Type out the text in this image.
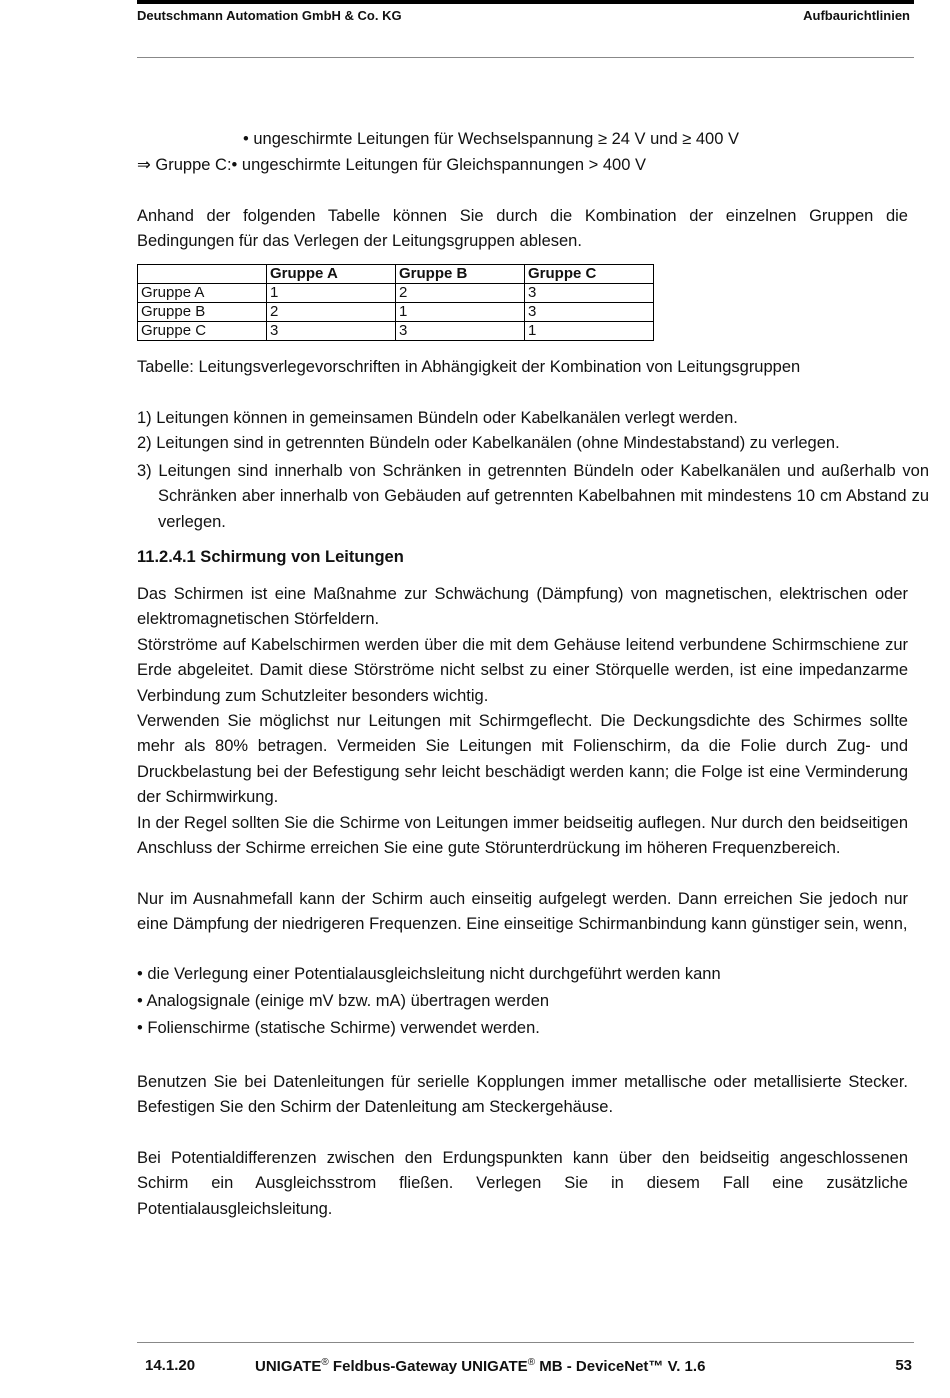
Deutschmann Automation GmbH & Co. KG	Aufbaurichtlinien
• ungeschirmte Leitungen für Wechselspannung ≥ 24 V und ≥ 400 V
⇒ Gruppe C:• ungeschirmte Leitungen für Gleichspannungen > 400 V
Anhand der folgenden Tabelle können Sie durch die Kombination der einzelnen Gruppen die Bedingungen für das Verlegen der Leitungsgruppen ablesen.
	Gruppe A	Gruppe B	Gruppe C
Gruppe A	1	2	3
Gruppe B	2	1	3
Gruppe C	3	3	1
Tabelle: Leitungsverlegevorschriften in Abhängigkeit der Kombination von Leitungsgruppen
1) Leitungen können in gemeinsamen Bündeln oder Kabelkanälen verlegt werden.
2) Leitungen sind in getrennten Bündeln oder Kabelkanälen (ohne Mindestabstand) zu verlegen.
3) Leitungen sind innerhalb von Schränken in getrennten Bündeln oder Kabelkanälen und außerhalb von Schränken aber innerhalb von Gebäuden auf getrennten Kabelbahnen mit mindestens 10 cm Abstand zu verlegen.
11.2.4.1 Schirmung von Leitungen
Das Schirmen ist eine Maßnahme zur Schwächung (Dämpfung) von magnetischen, elektrischen oder elektromagnetischen Störfeldern.
Störströme auf Kabelschirmen werden über die mit dem Gehäuse leitend verbundene Schirmschiene zur Erde abgeleitet. Damit diese Störströme nicht selbst zu einer Störquelle werden, ist eine impedanzarme Verbindung zum Schutzleiter besonders wichtig.
Verwenden Sie möglichst nur Leitungen mit Schirmgeflecht. Die Deckungsdichte des Schirmes sollte mehr als 80% betragen. Vermeiden Sie Leitungen mit Folienschirm, da die Folie durch Zug- und Druckbelastung bei der Befestigung sehr leicht beschädigt werden kann; die Folge ist eine Verminderung der Schirmwirkung.
In der Regel sollten Sie die Schirme von Leitungen immer beidseitig auflegen. Nur durch den beidseitigen Anschluss der Schirme erreichen Sie eine gute Störunterdrückung im höheren Frequenzbereich.
Nur im Ausnahmefall kann der Schirm auch einseitig aufgelegt werden. Dann erreichen Sie jedoch nur eine Dämpfung der niedrigeren Frequenzen. Eine einseitige Schirmanbindung kann günstiger sein, wenn,
• die Verlegung einer Potentialausgleichsleitung nicht durchgeführt werden kann
• Analogsignale (einige mV bzw. mA) übertragen werden
• Folienschirme (statische Schirme) verwendet werden.
Benutzen Sie bei Datenleitungen für serielle Kopplungen immer metallische oder metallisierte Stecker. Befestigen Sie den Schirm der Datenleitung am Steckergehäuse.
Bei Potentialdifferenzen zwischen den Erdungspunkten kann über den beidseitig angeschlossenen Schirm ein Ausgleichsstrom fließen. Verlegen Sie in diesem Fall eine zusätzliche Potentialausgleichsleitung.
14.1.20	UNIGATE® Feldbus-Gateway UNIGATE® MB - DeviceNet™ V. 1.6	53
